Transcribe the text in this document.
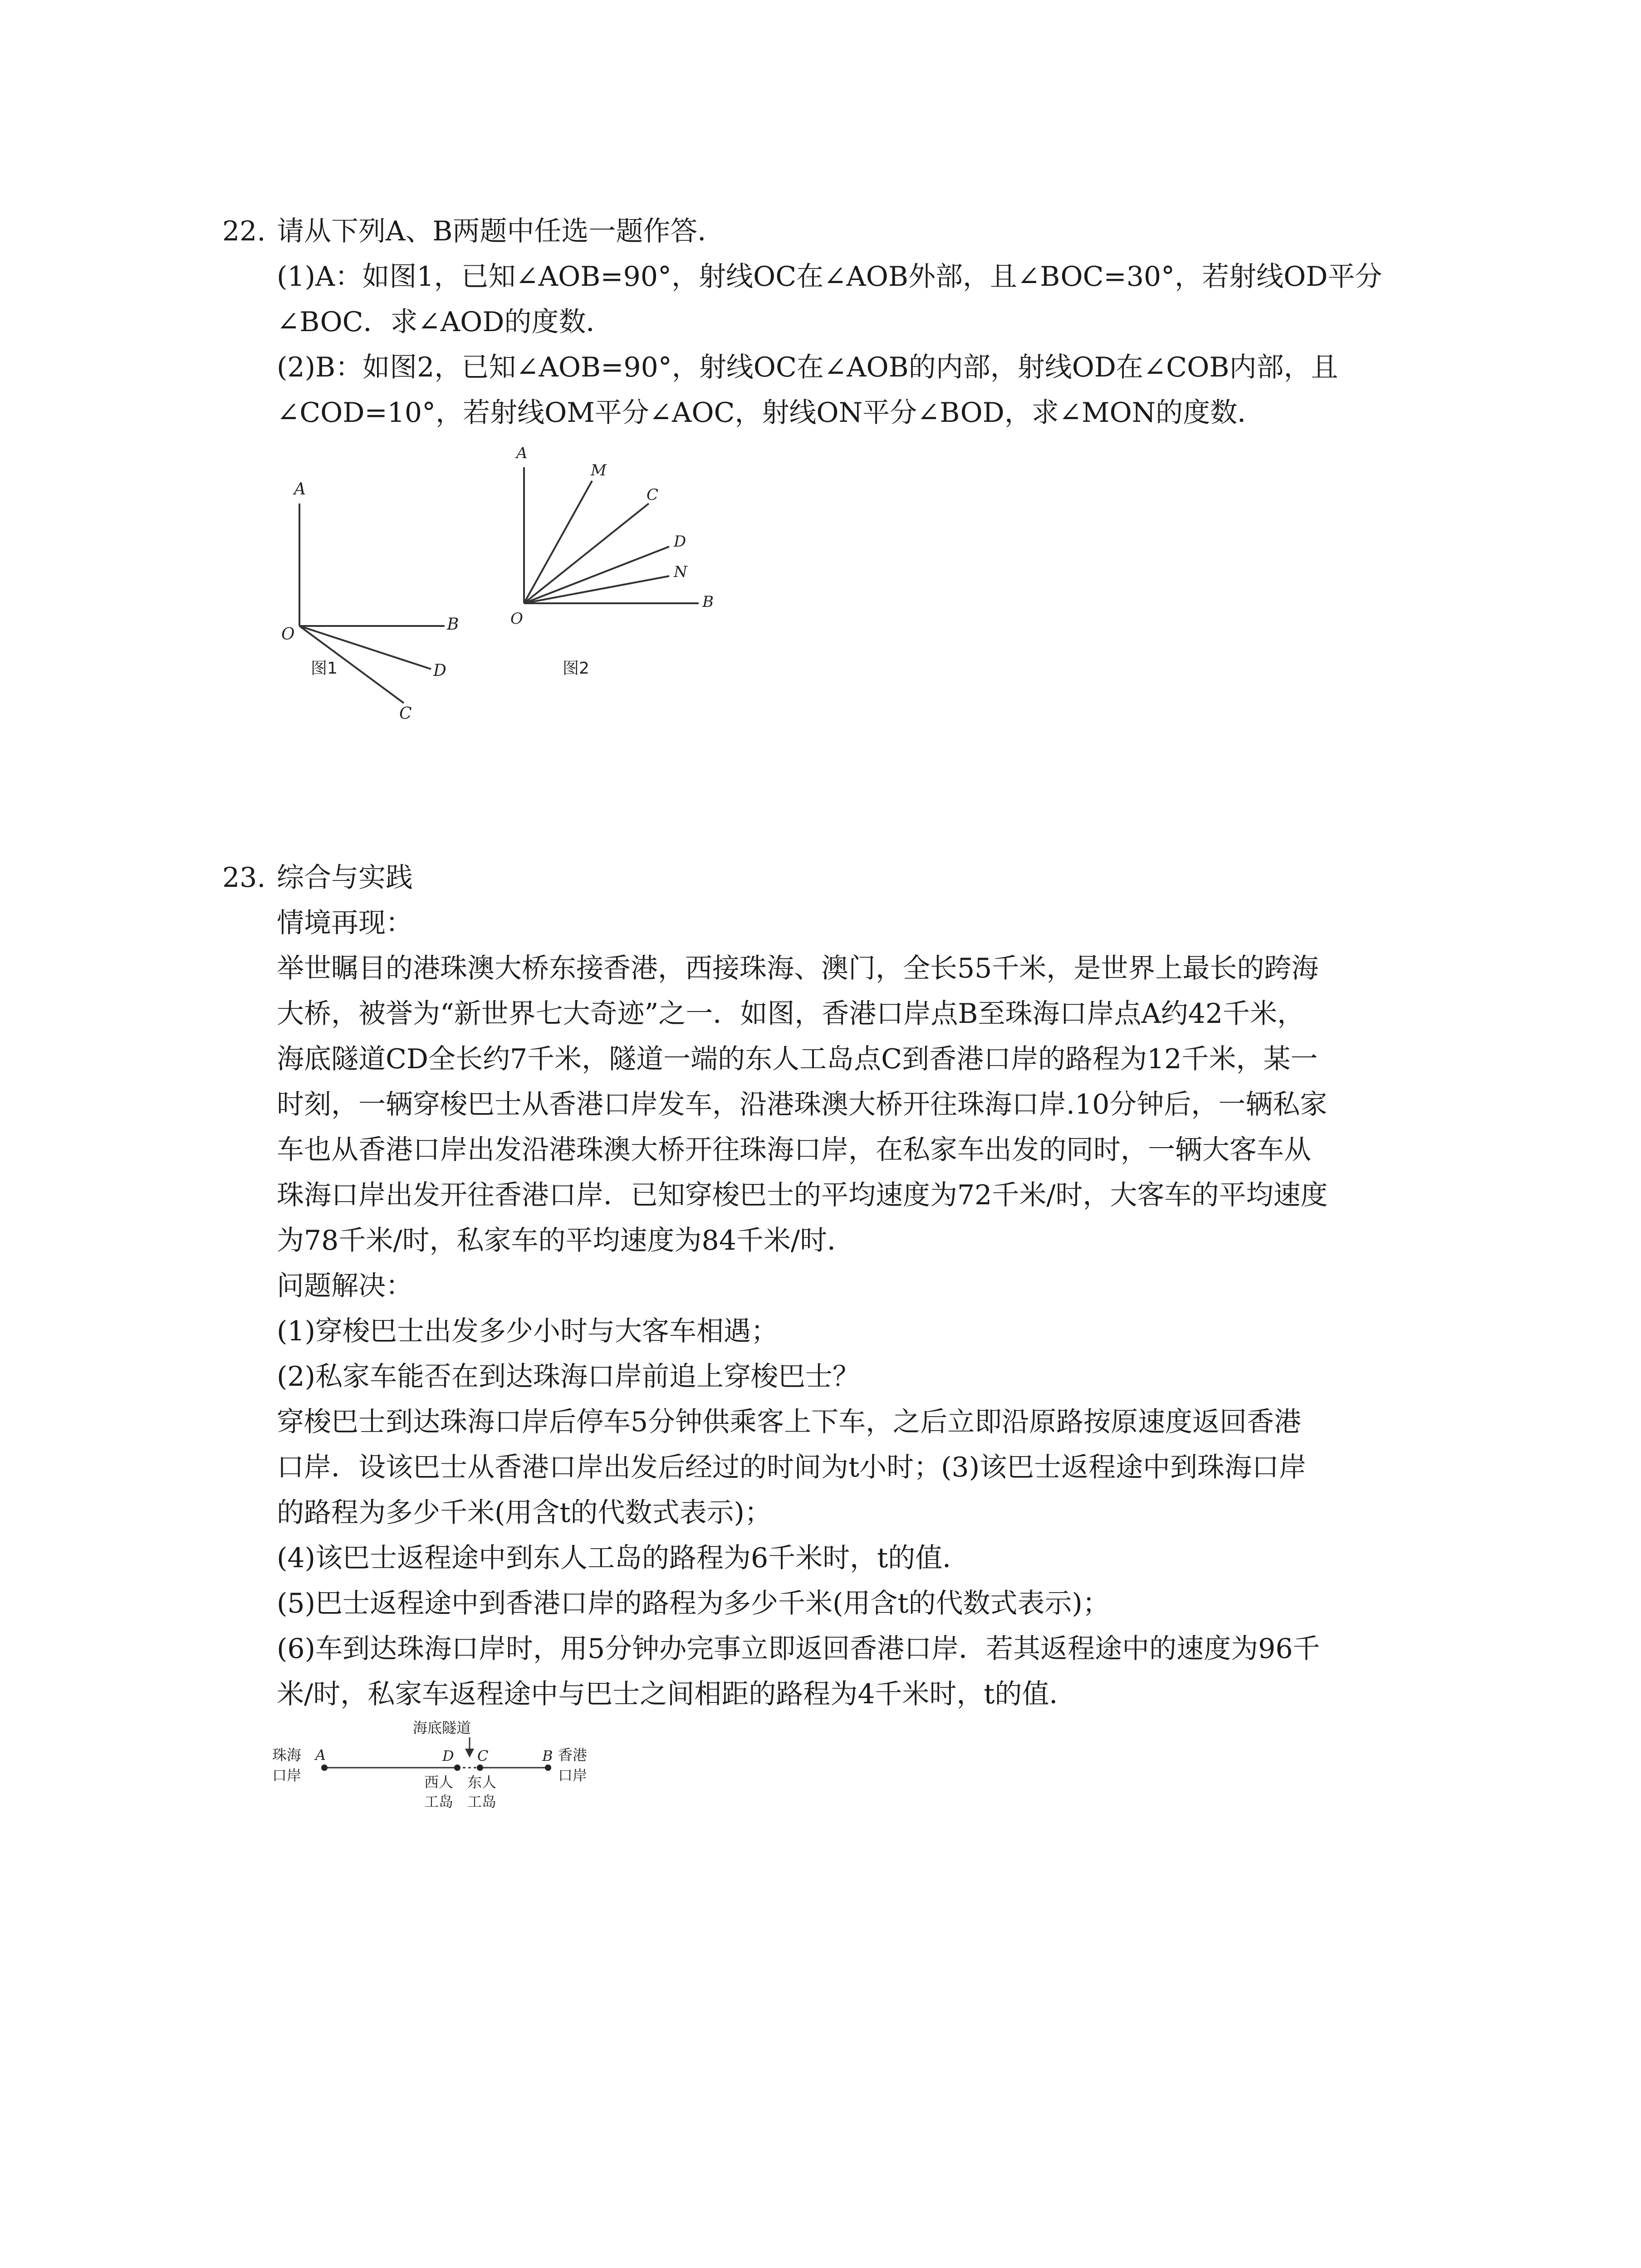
22. 请从下列A、B两题中任选一题作答．
(1)A：如图1，已知∠AOB=90°，射线OC在∠AOB外部，且∠BOC=30°，若射线OD平分
∠BOC．求∠AOD的度数．
(2)B：如图2，已知∠AOB=90°，射线OC在∠AOB的内部，射线OD在∠COB内部，且
∠COD=10°，若射线OM平分∠AOC，射线ON平分∠BOD，求∠MON的度数．
A
O
B
D
C
图1
A
M
C
D
N
O
B
图2
23. 综合与实践
情境再现：
举世瞩目的港珠澳大桥东接香港，西接珠海、澳门，全长55千米，是世界上最长的跨海
大桥，被誉为“新世界七大奇迹”之一．如图，香港口岸点B至珠海口岸点A约42千米，
海底隧道CD全长约7千米，隧道一端的东人工岛点C到香港口岸的路程为12千米，某一
时刻，一辆穿梭巴士从香港口岸发车，沿港珠澳大桥开往珠海口岸.10分钟后，一辆私家
车也从香港口岸出发沿港珠澳大桥开往珠海口岸，在私家车出发的同时，一辆大客车从
珠海口岸出发开往香港口岸．已知穿梭巴士的平均速度为72千米/时，大客车的平均速度
为78千米/时，私家车的平均速度为84千米/时．
问题解决：
(1)穿梭巴士出发多少小时与大客车相遇；
(2)私家车能否在到达珠海口岸前追上穿梭巴士？
穿梭巴士到达珠海口岸后停车5分钟供乘客上下车，之后立即沿原路按原速度返回香港
口岸．设该巴士从香港口岸出发后经过的时间为t小时；(3)该巴士返程途中到珠海口岸
的路程为多少千米(用含t的代数式表示)；
(4)该巴士返程途中到东人工岛的路程为6千米时，t的值．
(5)巴士返程途中到香港口岸的路程为多少千米(用含t的代数式表示)；
(6)车到达珠海口岸时，用5分钟办完事立即返回香港口岸．若其返程途中的速度为96千
米/时，私家车返程途中与巴士之间相距的路程为4千米时，t的值．
海底隧道
珠海
口岸
A	D C	B 香港
口岸
西人
工岛
东人
工岛
